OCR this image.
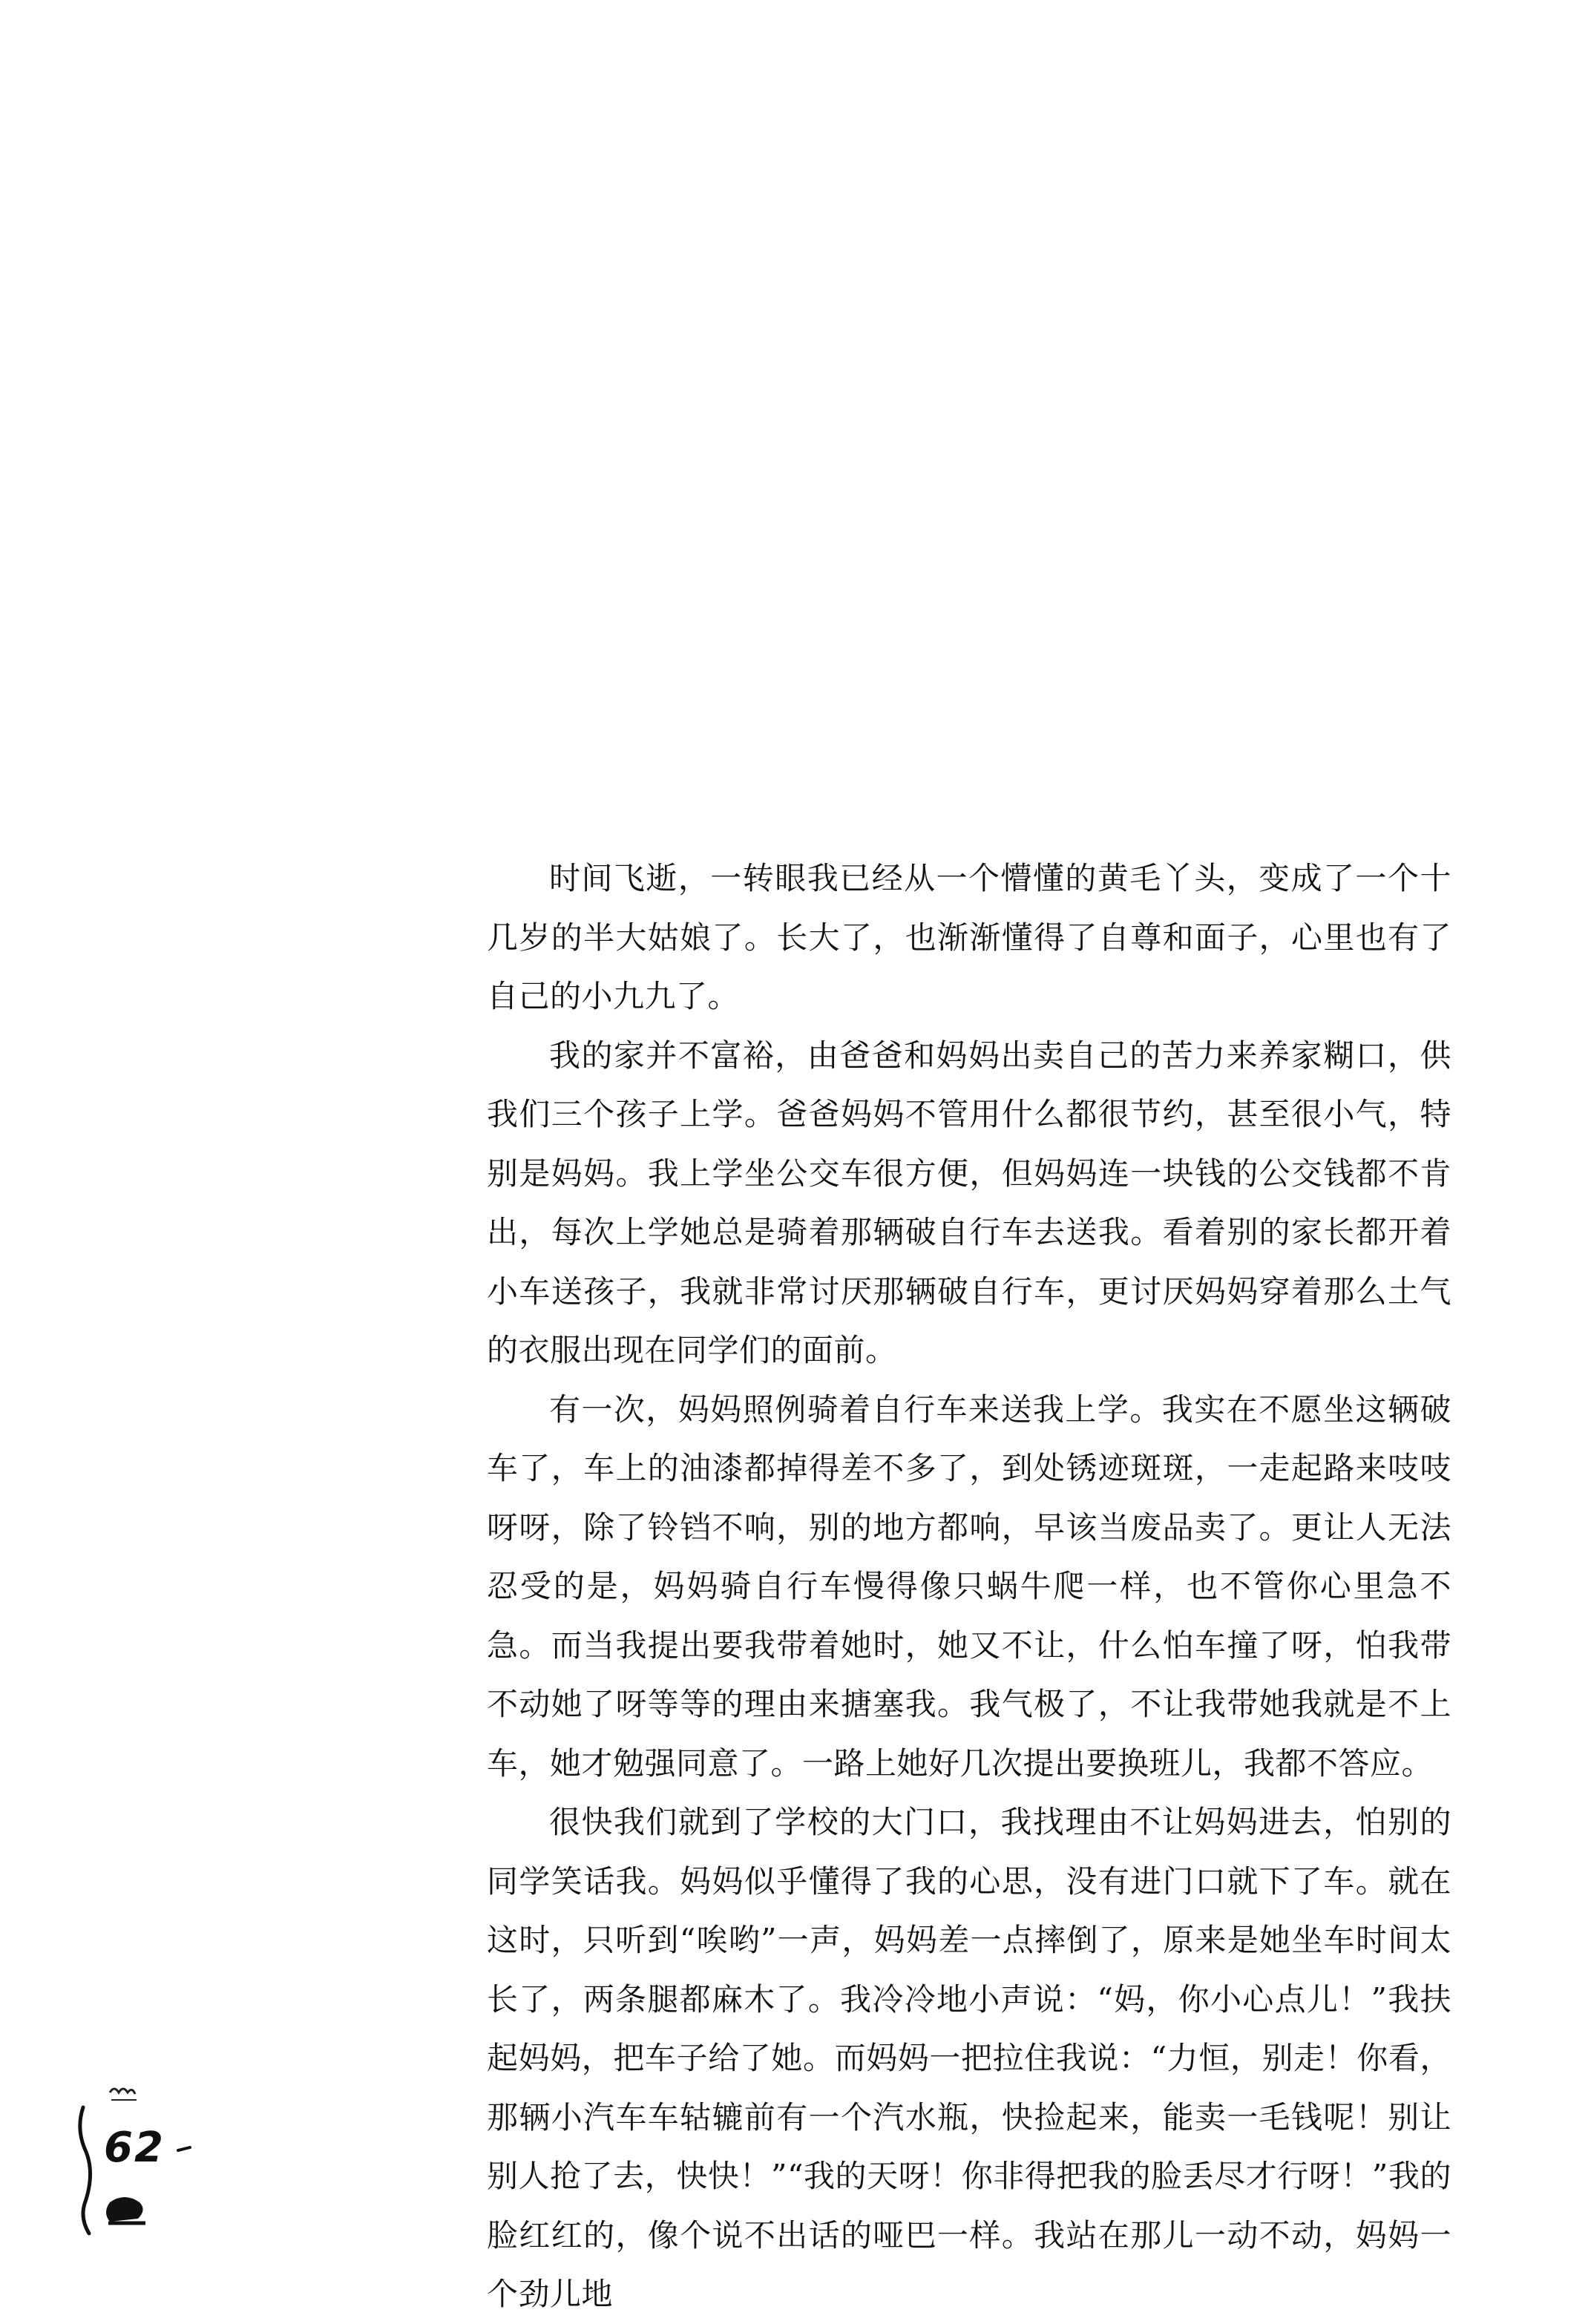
时间飞逝，一转眼我已经从一个懵懂的黄毛丫头，变成了一个十几岁的半大姑娘了。长大了，也渐渐懂得了自尊和面子，心里也有了自己的小九九了。

我的家并不富裕，由爸爸和妈妈出卖自己的苦力来养家糊口，供我们三个孩子上学。爸爸妈妈不管用什么都很节约，甚至很小气，特别是妈妈。我上学坐公交车很方便，但妈妈连一块钱的公交钱都不肯出，每次上学她总是骑着那辆破自行车去送我。看着别的家长都开着小车送孩子，我就非常讨厌那辆破自行车，更讨厌妈妈穿着那么土气的衣服出现在同学们的面前。

有一次，妈妈照例骑着自行车来送我上学。我实在不愿坐这辆破车了，车上的油漆都掉得差不多了，到处锈迹斑斑，一走起路来吱吱呀呀，除了铃铛不响，别的地方都响，早该当废品卖了。更让人无法忍受的是，妈妈骑自行车慢得像只蜗牛爬一样，也不管你心里急不急。而当我提出要我带着她时，她又不让，什么怕车撞了呀，怕我带不动她了呀等等的理由来搪塞我。我气极了，不让我带她我就是不上车，她才勉强同意了。一路上她好几次提出要换班儿，我都不答应。

很快我们就到了学校的大门口，我找理由不让妈妈进去，怕别的同学笑话我。妈妈似乎懂得了我的心思，没有进门口就下了车。就在这时，只听到“唉哟”一声，妈妈差一点摔倒了，原来是她坐车时间太长了，两条腿都麻木了。我冷冷地小声说：“妈，你小心点儿！”我扶起妈妈，把车子给了她。而妈妈一把拉住我说：“力恒，别走！你看，那辆小汽车车轱辘前有一个汽水瓶，快捡起来，能卖一毛钱呢！别让别人抢了去，快快！”“我的天呀！你非得把我的脸丢尽才行呀！”我的脸红红的，像个说不出话的哑巴一样。我站在那儿一动不动，妈妈一个劲儿地

62
